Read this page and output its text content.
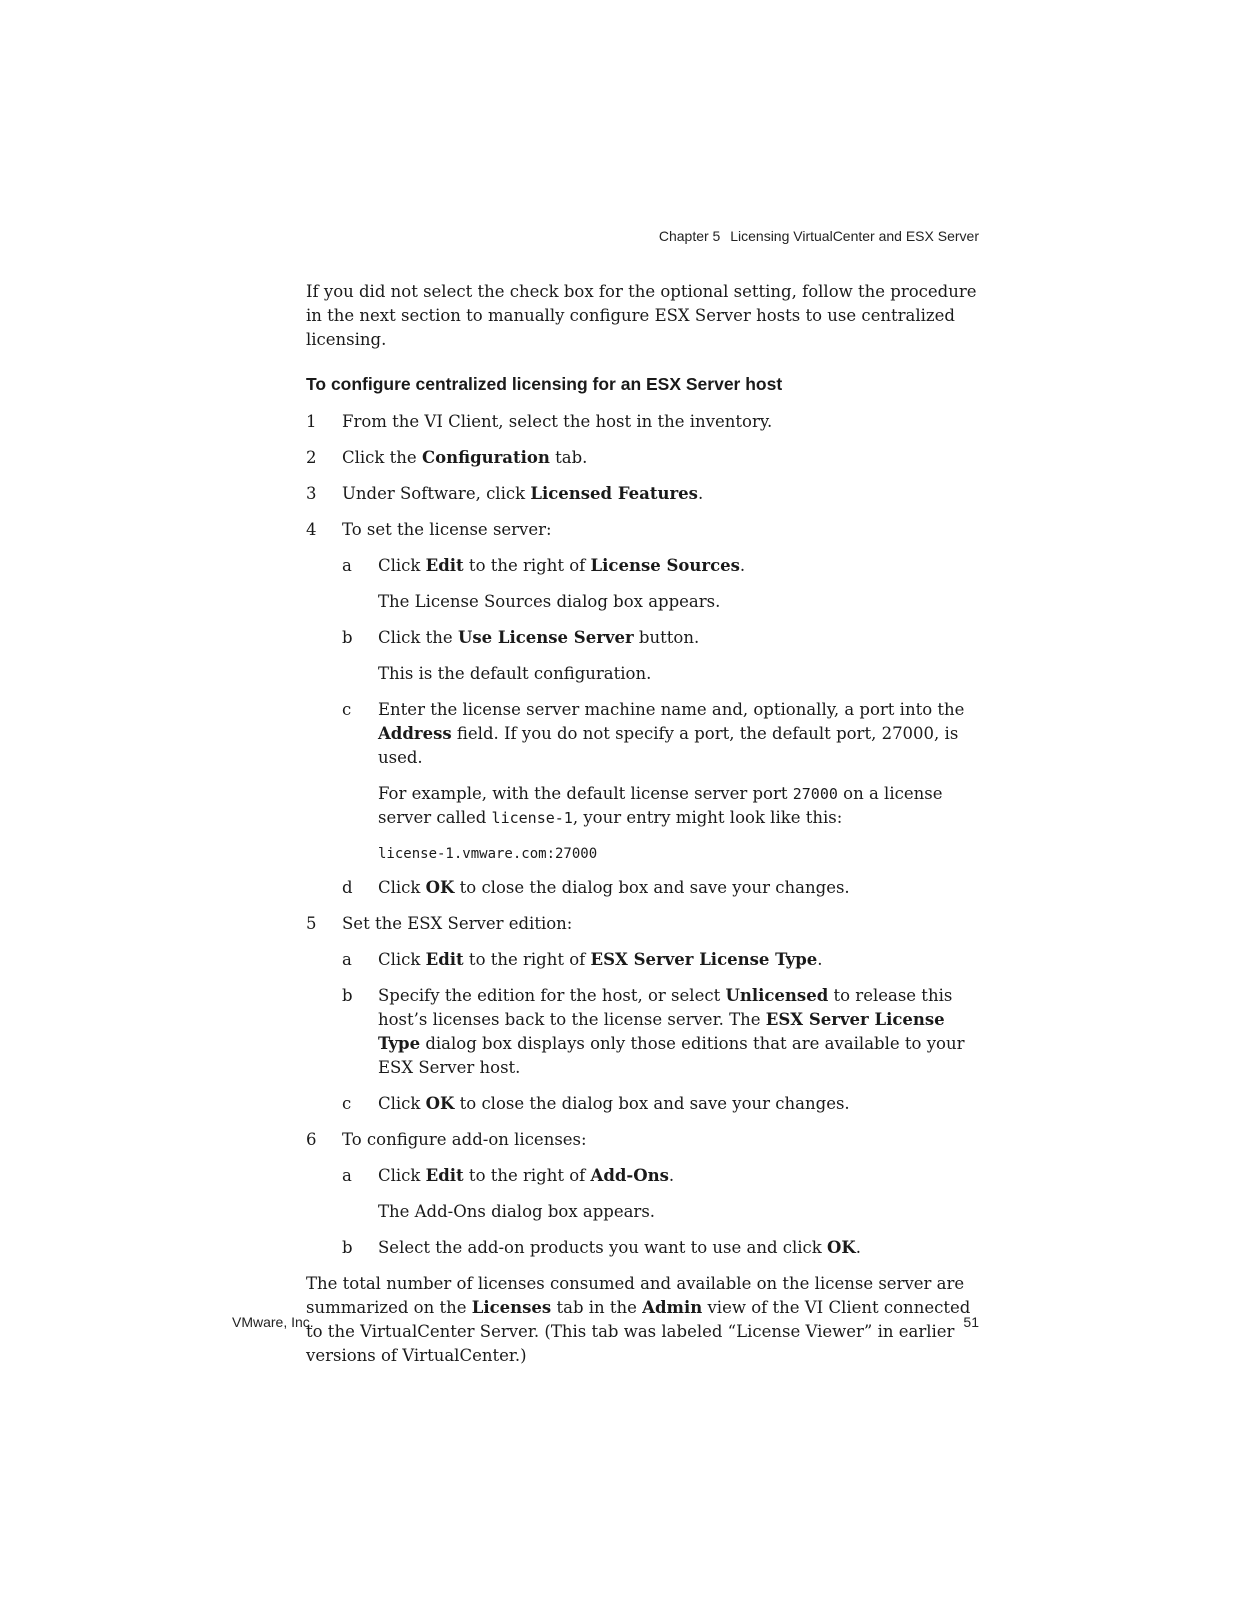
Chapter 5 Licensing VirtualCenter and ESX Server

If you did not select the check box for the optional setting, follow the procedure in the next section to manually configure ESX Server hosts to use centralized licensing.

To configure centralized licensing for an ESX Server host
1 From the VI Client, select the host in the inventory.
2 Click the Configuration tab.
3 Under Software, click Licensed Features.
4 To set the license server:
a Click Edit to the right of License Sources.

The License Sources dialog box appears.

b Click the Use License Server button.

This is the default configuration.

c Enter the license server machine name and, optionally, a port into the Address field. If you do not specify a port, the default port, 27000, is used.

For example, with the default license server port 27000 on a license server called license-1, your entry might look like this:

license-1.vmware.com:27000
d Click OK to close the dialog box and save your changes.
5 Set the ESX Server edition:
a Click Edit to the right of ESX Server License Type.
b Specify the edition for the host, or select Unlicensed to release this host’s licenses back to the license server. The ESX Server License Type dialog box displays only those editions that are available to your ESX Server host.
c Click OK to close the dialog box and save your changes.
6 To configure add-on licenses:
a Click Edit to the right of Add-Ons.

The Add-Ons dialog box appears.

b Select the add-on products you want to use and click OK.

The total number of licenses consumed and available on the license server are summarized on the Licenses tab in the Admin view of the VI Client connected to the VirtualCenter Server. (This tab was labeled “License Viewer” in earlier versions of VirtualCenter.)

VMware, Inc.	51
